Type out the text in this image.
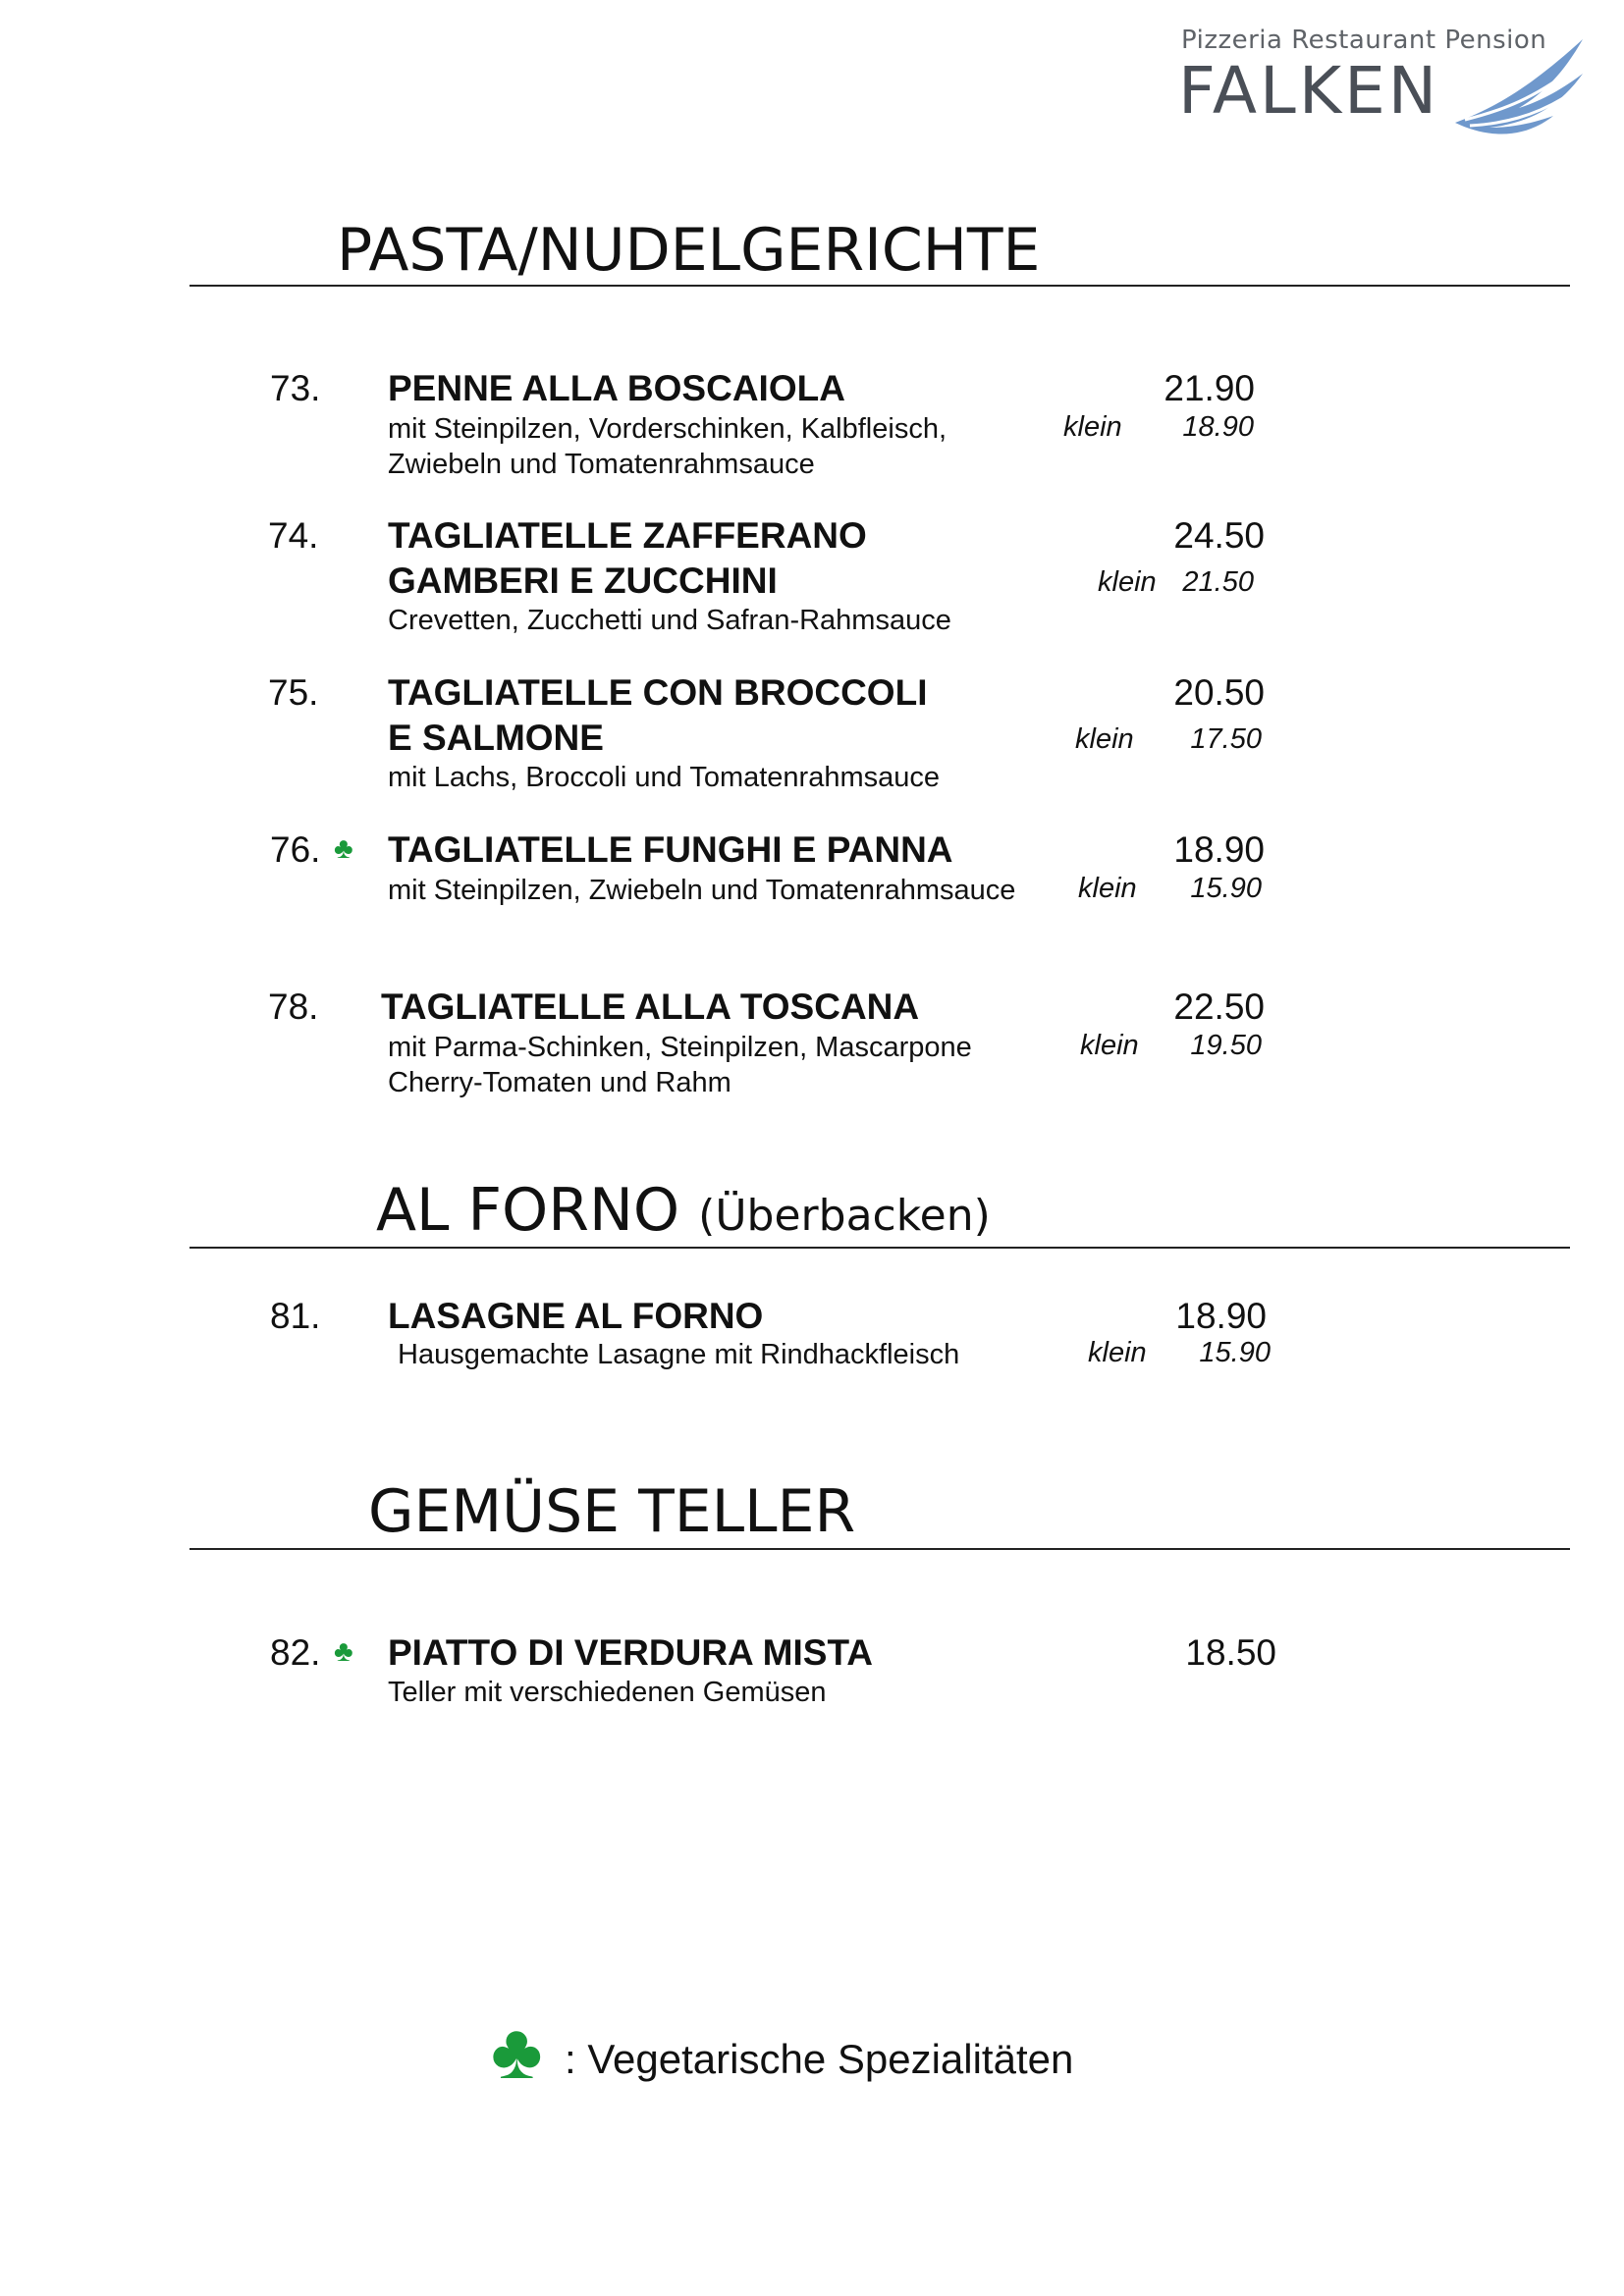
Pizzeria Restaurant Pension
FALKEN
PASTA/NUDELGERICHTE
73. PENNE ALLA BOSCAIOLA
mit Steinpilzen, Vorderschinken, Kalbfleisch,
Zwiebeln und Tomatenrahmsauce
21.90
klein	18.90
74. TAGLIATELLE ZAFFERANO
GAMBERI E ZUCCHINI
Crevetten, Zucchetti und Safran-Rahmsauce
24.50
klein 21.50
75. TAGLIATELLE CON BROCCOLI
E SALMONE
mit Lachs, Broccoli und Tomatenrahmsauce
20.50
klein	17.50
76. ♣ TAGLIATELLE FUNGHI E PANNA
mit Steinpilzen, Zwiebeln und Tomatenrahmsauce
18.90
klein	15.90
78. TAGLIATELLE ALLA TOSCANA
mit Parma-Schinken, Steinpilzen, Mascarpone
Cherry-Tomaten und Rahm
22.50
klein	19.50
AL FORNO (Überbacken)
81. LASAGNE AL FORNO
Hausgemachte Lasagne mit Rindhackfleisch
18.90
klein	15.90
GEMÜSE TELLER
82. ♣ PIATTO DI VERDURA MISTA
Teller mit verschiedenen Gemüsen
18.50
♣ : Vegetarische Spezialitäten
